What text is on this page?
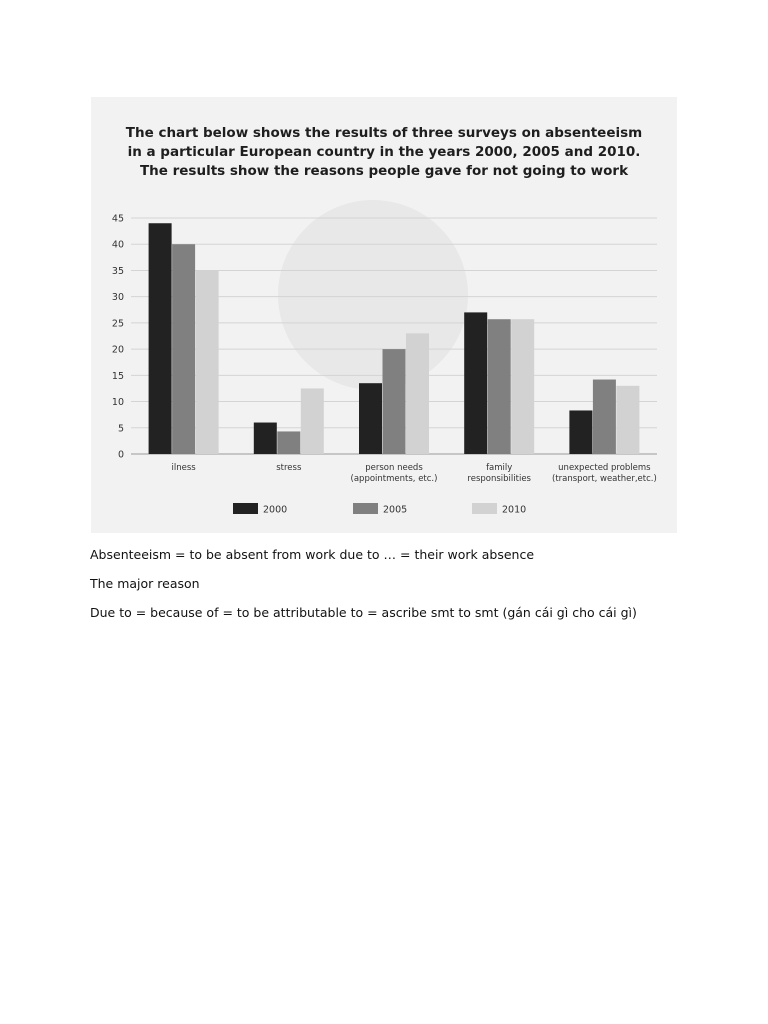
The chart below shows the results of three surveys on absenteeism
in a particular European country in the years 2000, 2005 and 2010.
The results show the reasons people gave for not going to work
0
5
10
15
20
25
30
35
40
45
ilness	stress	person needs
(appointments, etc.)
family
responsibilities
unexpected problems
(transport, weather,etc.)
2000	2005	2010
Absenteeism = to be absent from work due to … = their work absence
The major reason
Due to = because of = to be attributable to = ascribe smt to smt (gán cái gì cho cái gì)
